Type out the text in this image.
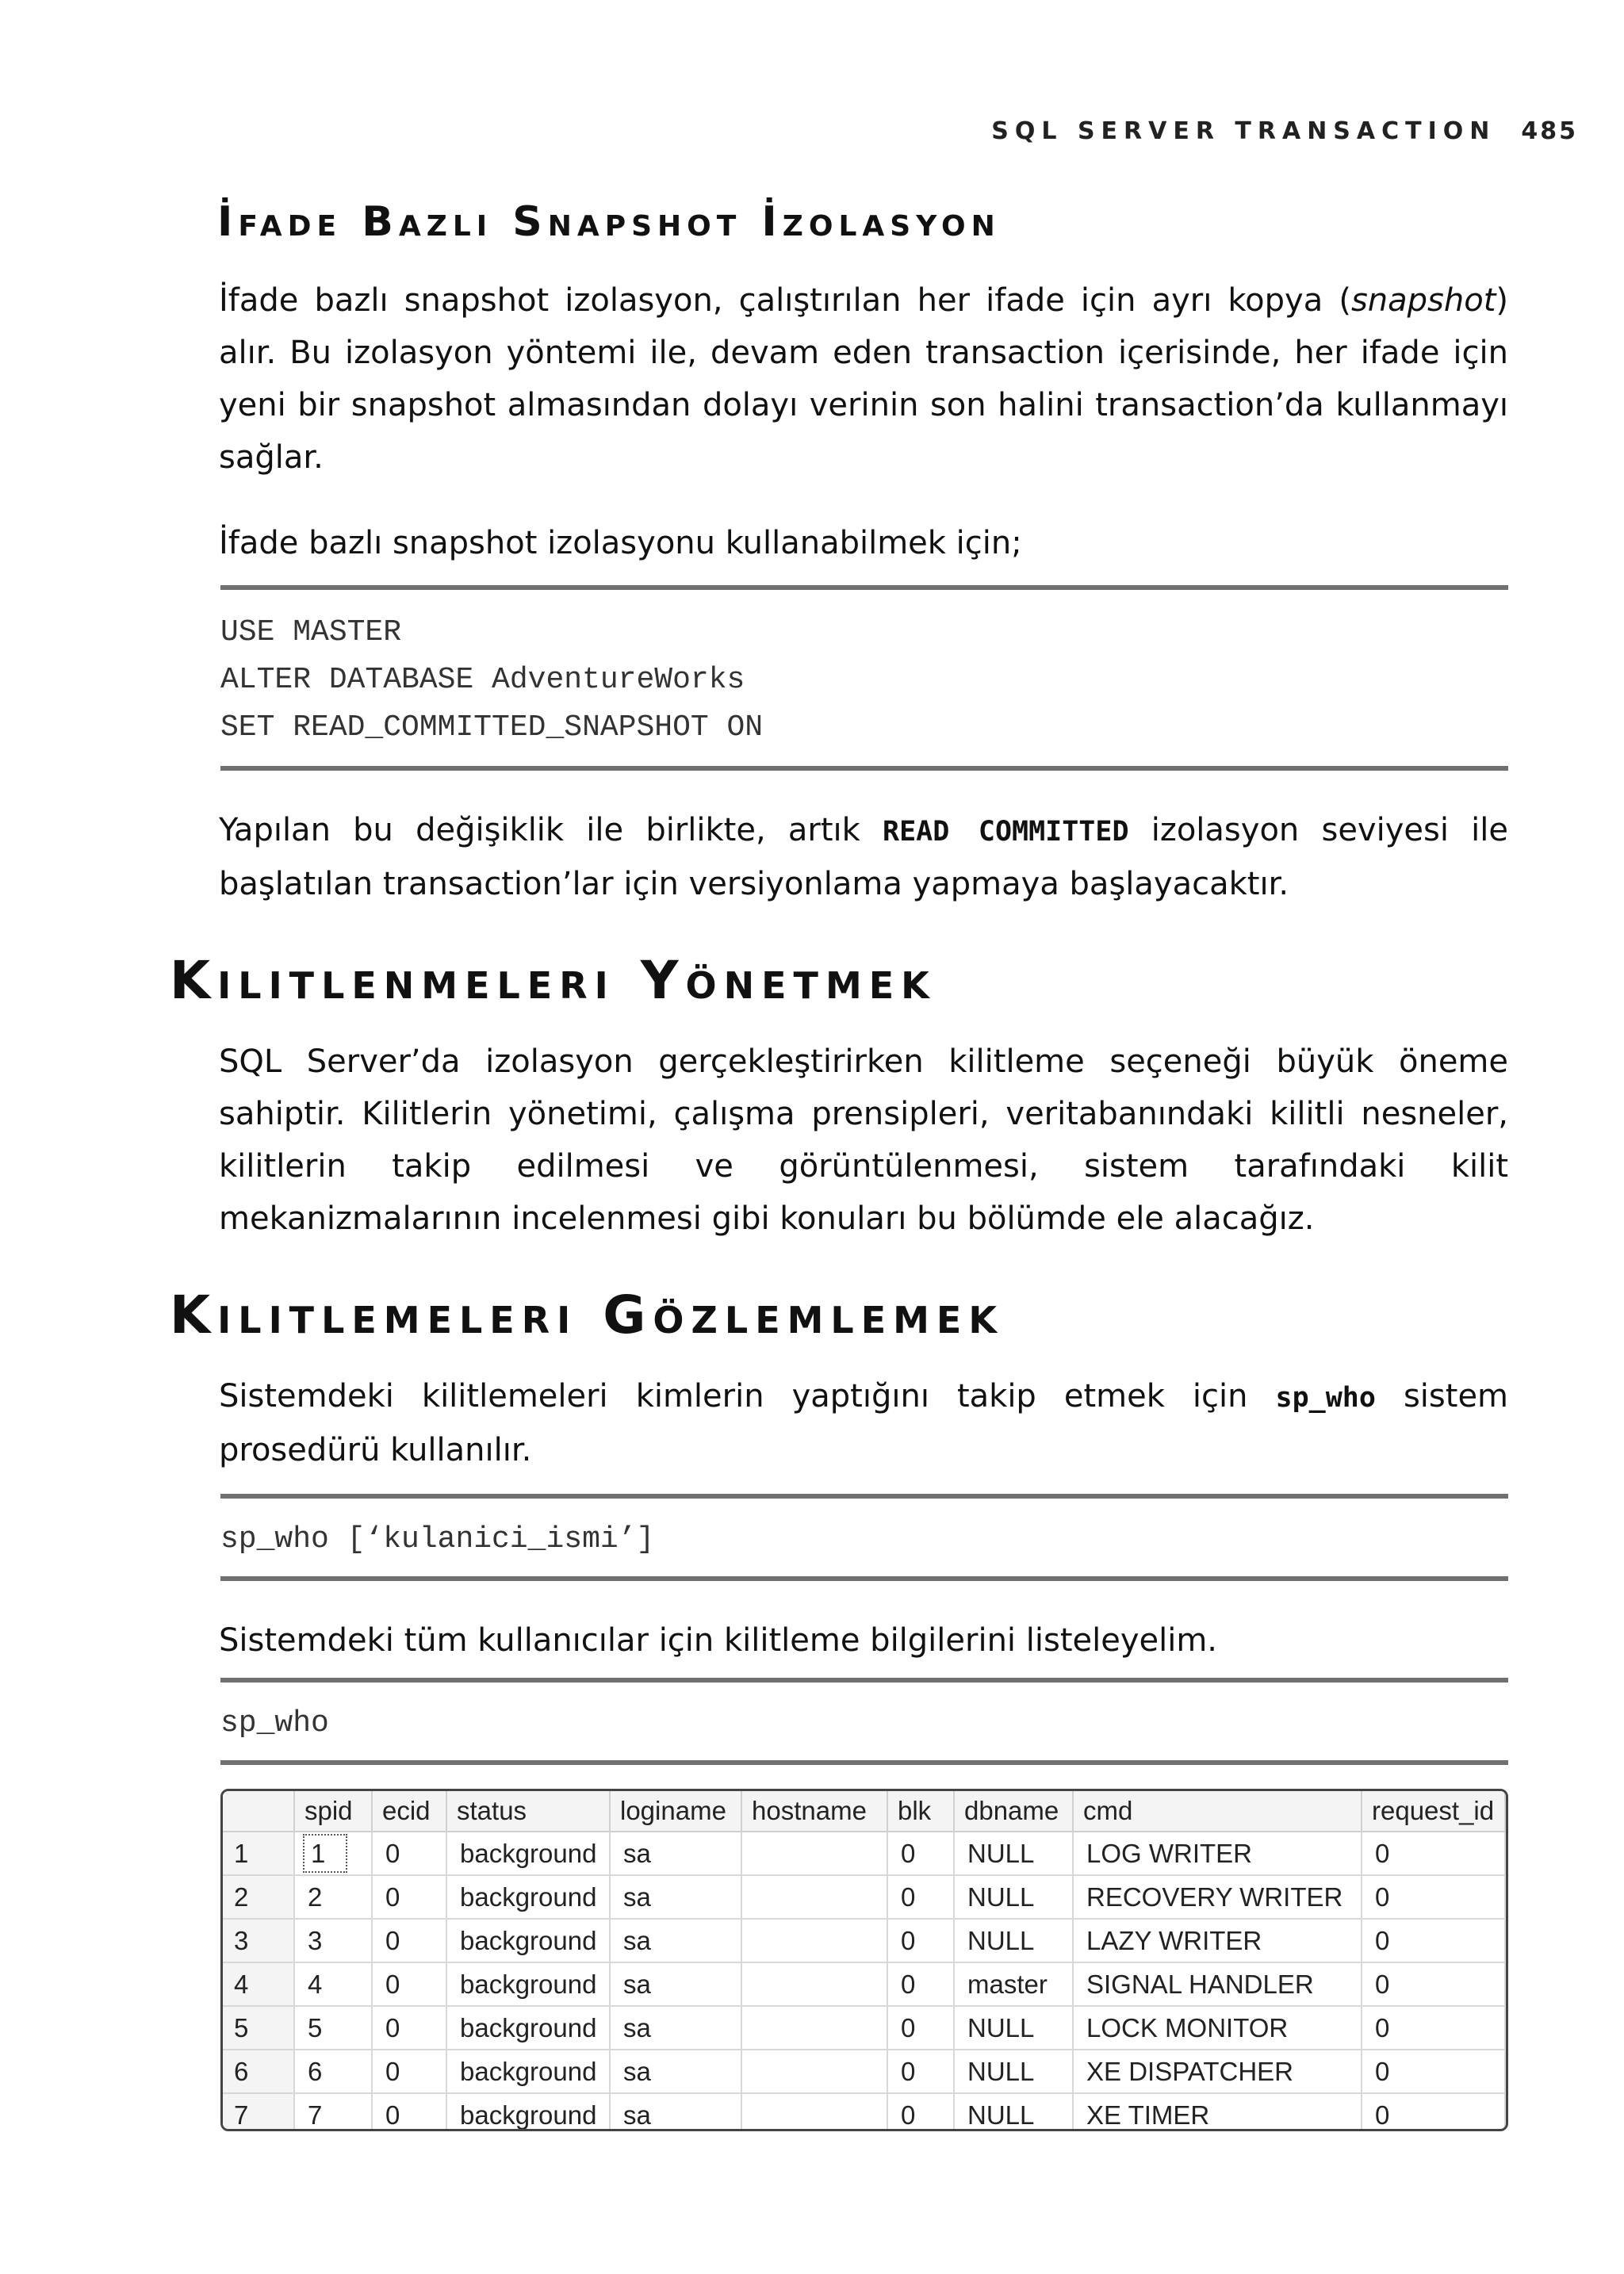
SQL SERVER TRANSACTION 485
İfade Bazlı Snapshot İzolasyon

İfade bazlı snapshot izolasyon, çalıştırılan her ifade için ayrı kopya (snapshot) alır. Bu izolasyon yöntemi ile, devam eden transaction içerisinde, her ifade için yeni bir snapshot almasından dolayı verinin son halini transaction’da kullanmayı sağlar.

İfade bazlı snapshot izolasyonu kullanabilmek için;

USE MASTER
ALTER DATABASE AdventureWorks
SET READ_COMMITTED_SNAPSHOT ON

Yapılan bu değişiklik ile birlikte, artık READ COMMITTED izolasyon seviyesi ile başlatılan transaction’lar için versiyonlama yapmaya başlayacaktır.

Kilitlenmeleri Yönetmek

SQL Server’da izolasyon gerçekleştirirken kilitleme seçeneği büyük öneme sahiptir. Kilitlerin yönetimi, çalışma prensipleri, veritabanındaki kilitli nesneler, kilitlerin takip edilmesi ve görüntülenmesi, sistem tarafındaki kilit mekanizmalarının incelenmesi gibi konuları bu bölümde ele alacağız.

Kilitlemeleri Gözlemlemek

Sistemdeki kilitlemeleri kimlerin yaptığını takip etmek için sp_who sistem prosedürü kullanılır.

sp_who [‘kulanici_ismi’]

Sistemdeki tüm kullanıcılar için kilitleme bilgilerini listeleyelim.

sp_who
	spid	ecid	status	loginame	hostname	blk	dbname	cmd	request_id
1	1	0	background	sa		0	NULL	LOG WRITER	0
2	2	0	background	sa		0	NULL	RECOVERY WRITER	0
3	3	0	background	sa		0	NULL	LAZY WRITER	0
4	4	0	background	sa		0	master	SIGNAL HANDLER	0
5	5	0	background	sa		0	NULL	LOCK MONITOR	0
6	6	0	background	sa		0	NULL	XE DISPATCHER	0
7	7	0	background	sa		0	NULL	XE TIMER	0
